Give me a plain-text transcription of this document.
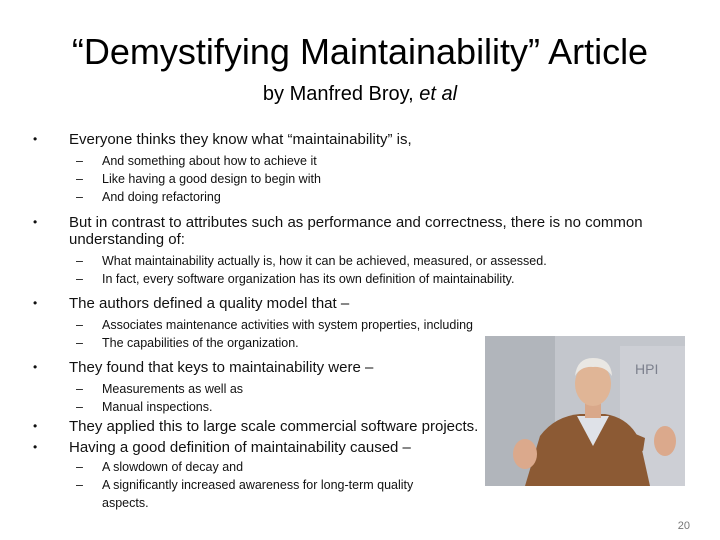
“Demystifying Maintainability” Article
by Manfred Broy, et al
• Everyone thinks they know what “maintainability” is,
– And something about how to achieve it
– Like having a good design to begin with
– And doing refactoring
• But in contrast to attributes such as performance and correctness, there is no common understanding of:
– What maintainability actually is, how it can be achieved, measured, or assessed.
– In fact, every software organization has its own definition of maintainability.
• The authors defined a quality model that –
– Associates maintenance activities with system properties, including
– The capabilities of the organization.
• They found that keys to maintainability were –
– Measurements as well as
– Manual inspections.
• They applied this to large scale commercial software projects.
• Having a good definition of maintainability caused –
– A slowdown of decay and
– A significantly increased awareness for long-term quality aspects.
HPI
20
